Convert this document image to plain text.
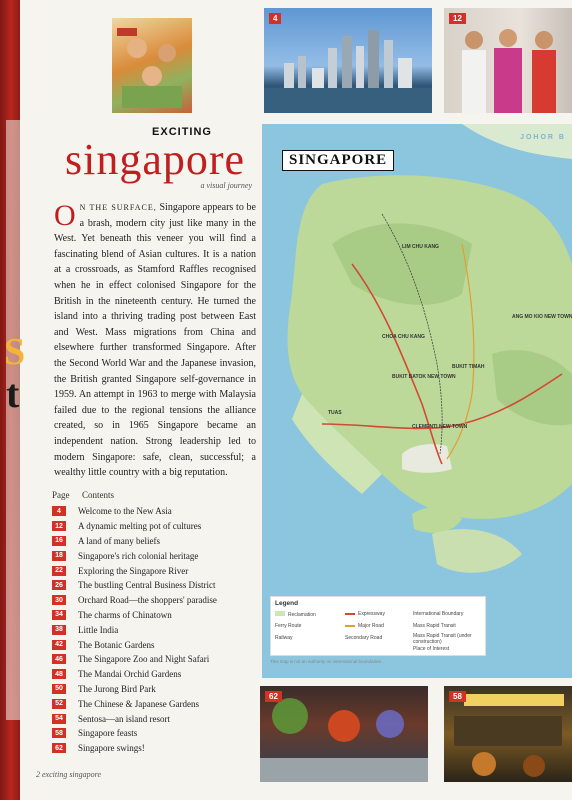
S
t
4	12
62	58
EXCITING
singapore
a visual journey
O N THE SURFACE, Singapore appears to be a brash, modern city just like many in the West. Yet beneath this veneer you will find a fascinating blend of Asian cultures. It is a nation at a crossroads, as Stamford Raffles recognised when he in effect colonised Singapore for the British in the nineteenth century. He turned the island into a thriving trading post between East and West. Mass migrations from China and elsewhere further transformed Singapore. After the Second World War and the Japanese invasion, the British granted Singapore self-governance in 1959. An attempt in 1963 to merge with Malaysia failed due to the regional tensions the alliance created, so in 1965 Singapore became an independent nation. Strong leadership led to modern Singapore: safe, clean, successful; a wealthy little country with a big reputation.
Page Contents
4	Welcome to the New Asia
12	A dynamic melting pot of cultures
16	A land of many beliefs
18	Singapore's rich colonial heritage
22	Exploring the Singapore River
26	The bustling Central Business District
30	Orchard Road—the shoppers' paradise
34	The charms of Chinatown
38	Little India
42	The Botanic Gardens
46	The Singapore Zoo and Night Safari
48	The Mandai Orchid Gardens
50	The Jurong Bird Park
52	The Chinese & Japanese Gardens
54	Sentosa—an island resort
58	Singapore feasts
62	Singapore swings!
SINGAPORE
JOHOR B
LIM CHU KANG
CHOA CHU KANG
TUAS
ANG MO KIO NEW TOWN
BUKIT BATOK NEW TOWN
BUKIT TIMAH
CLEMENTI NEW TOWN
Legend
Reclamation	Expressway	International Boundary
Ferry Route	Major Road	Mass Rapid Transit
Railway	Secondary Road	Mass Rapid Transit (under construction)
Place of Interest
This map is not an authority on international boundaries.
2 exciting singapore
